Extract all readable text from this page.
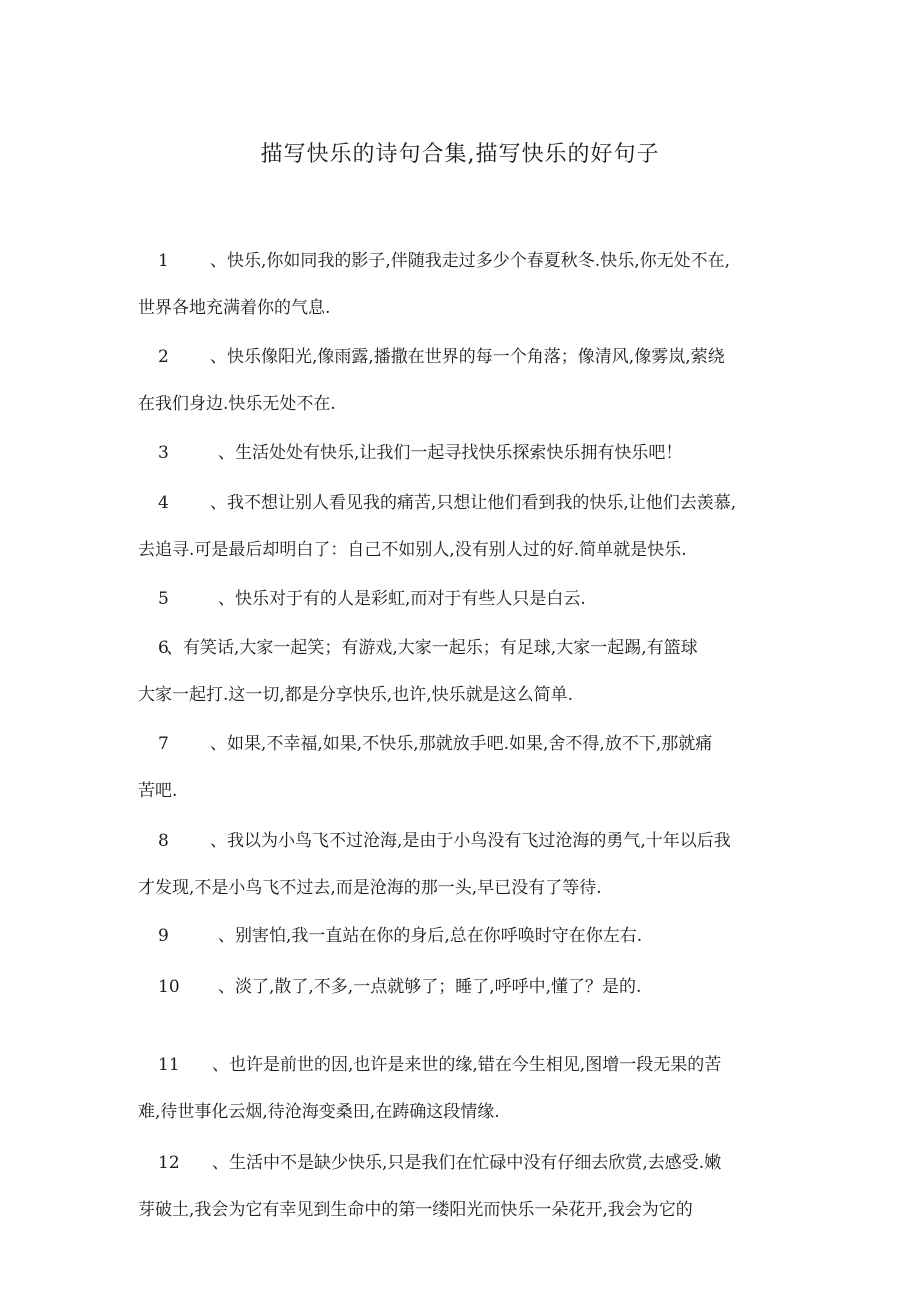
描写快乐的诗句合集,描写快乐的好句子
1 、快乐,你如同我的影子,伴随我走过多少个春夏秋冬.快乐,你无处不在,
世界各地充满着你的气息.
2 、快乐像阳光,像雨露,播撒在世界的每一个角落；像清风,像雾岚,萦绕
在我们身边.快乐无处不在.
3	、生活处处有快乐,让我们一起寻找快乐探索快乐拥有快乐吧！
4 、我不想让别人看见我的痛苦,只想让他们看到我的快乐,让他们去羡慕,
去追寻.可是最后却明白了：自己不如别人,没有别人过的好.简单就是快乐.
5	、快乐对于有的人是彩虹,而对于有些人只是白云.
6、有笑话,大家一起笑；有游戏,大家一起乐；有足球,大家一起踢,有篮球
大家一起打.这一切,都是分享快乐,也许,快乐就是这么简单.
7 、如果,不幸福,如果,不快乐,那就放手吧.如果,舍不得,放不下,那就痛
苦吧.
8 、我以为小鸟飞不过沧海,是由于小鸟没有飞过沧海的勇气,十年以后我
才发现,不是小鸟飞不过去,而是沧海的那一头,早已没有了等待.
9	、别害怕,我一直站在你的身后,总在你呼唤时守在你左右.
10 、淡了,散了,不多,一点就够了；睡了,呼呼中,懂了？是的.
11 、也许是前世的因,也许是来世的缘,错在今生相见,图增一段无果的苦
难,待世事化云烟,待沧海变桑田,在踌确这段情缘.
12 、生活中不是缺少快乐,只是我们在忙碌中没有仔细去欣赏,去感受.嫩
芽破土,我会为它有幸见到生命中的第一缕阳光而快乐一朵花开,我会为它的
